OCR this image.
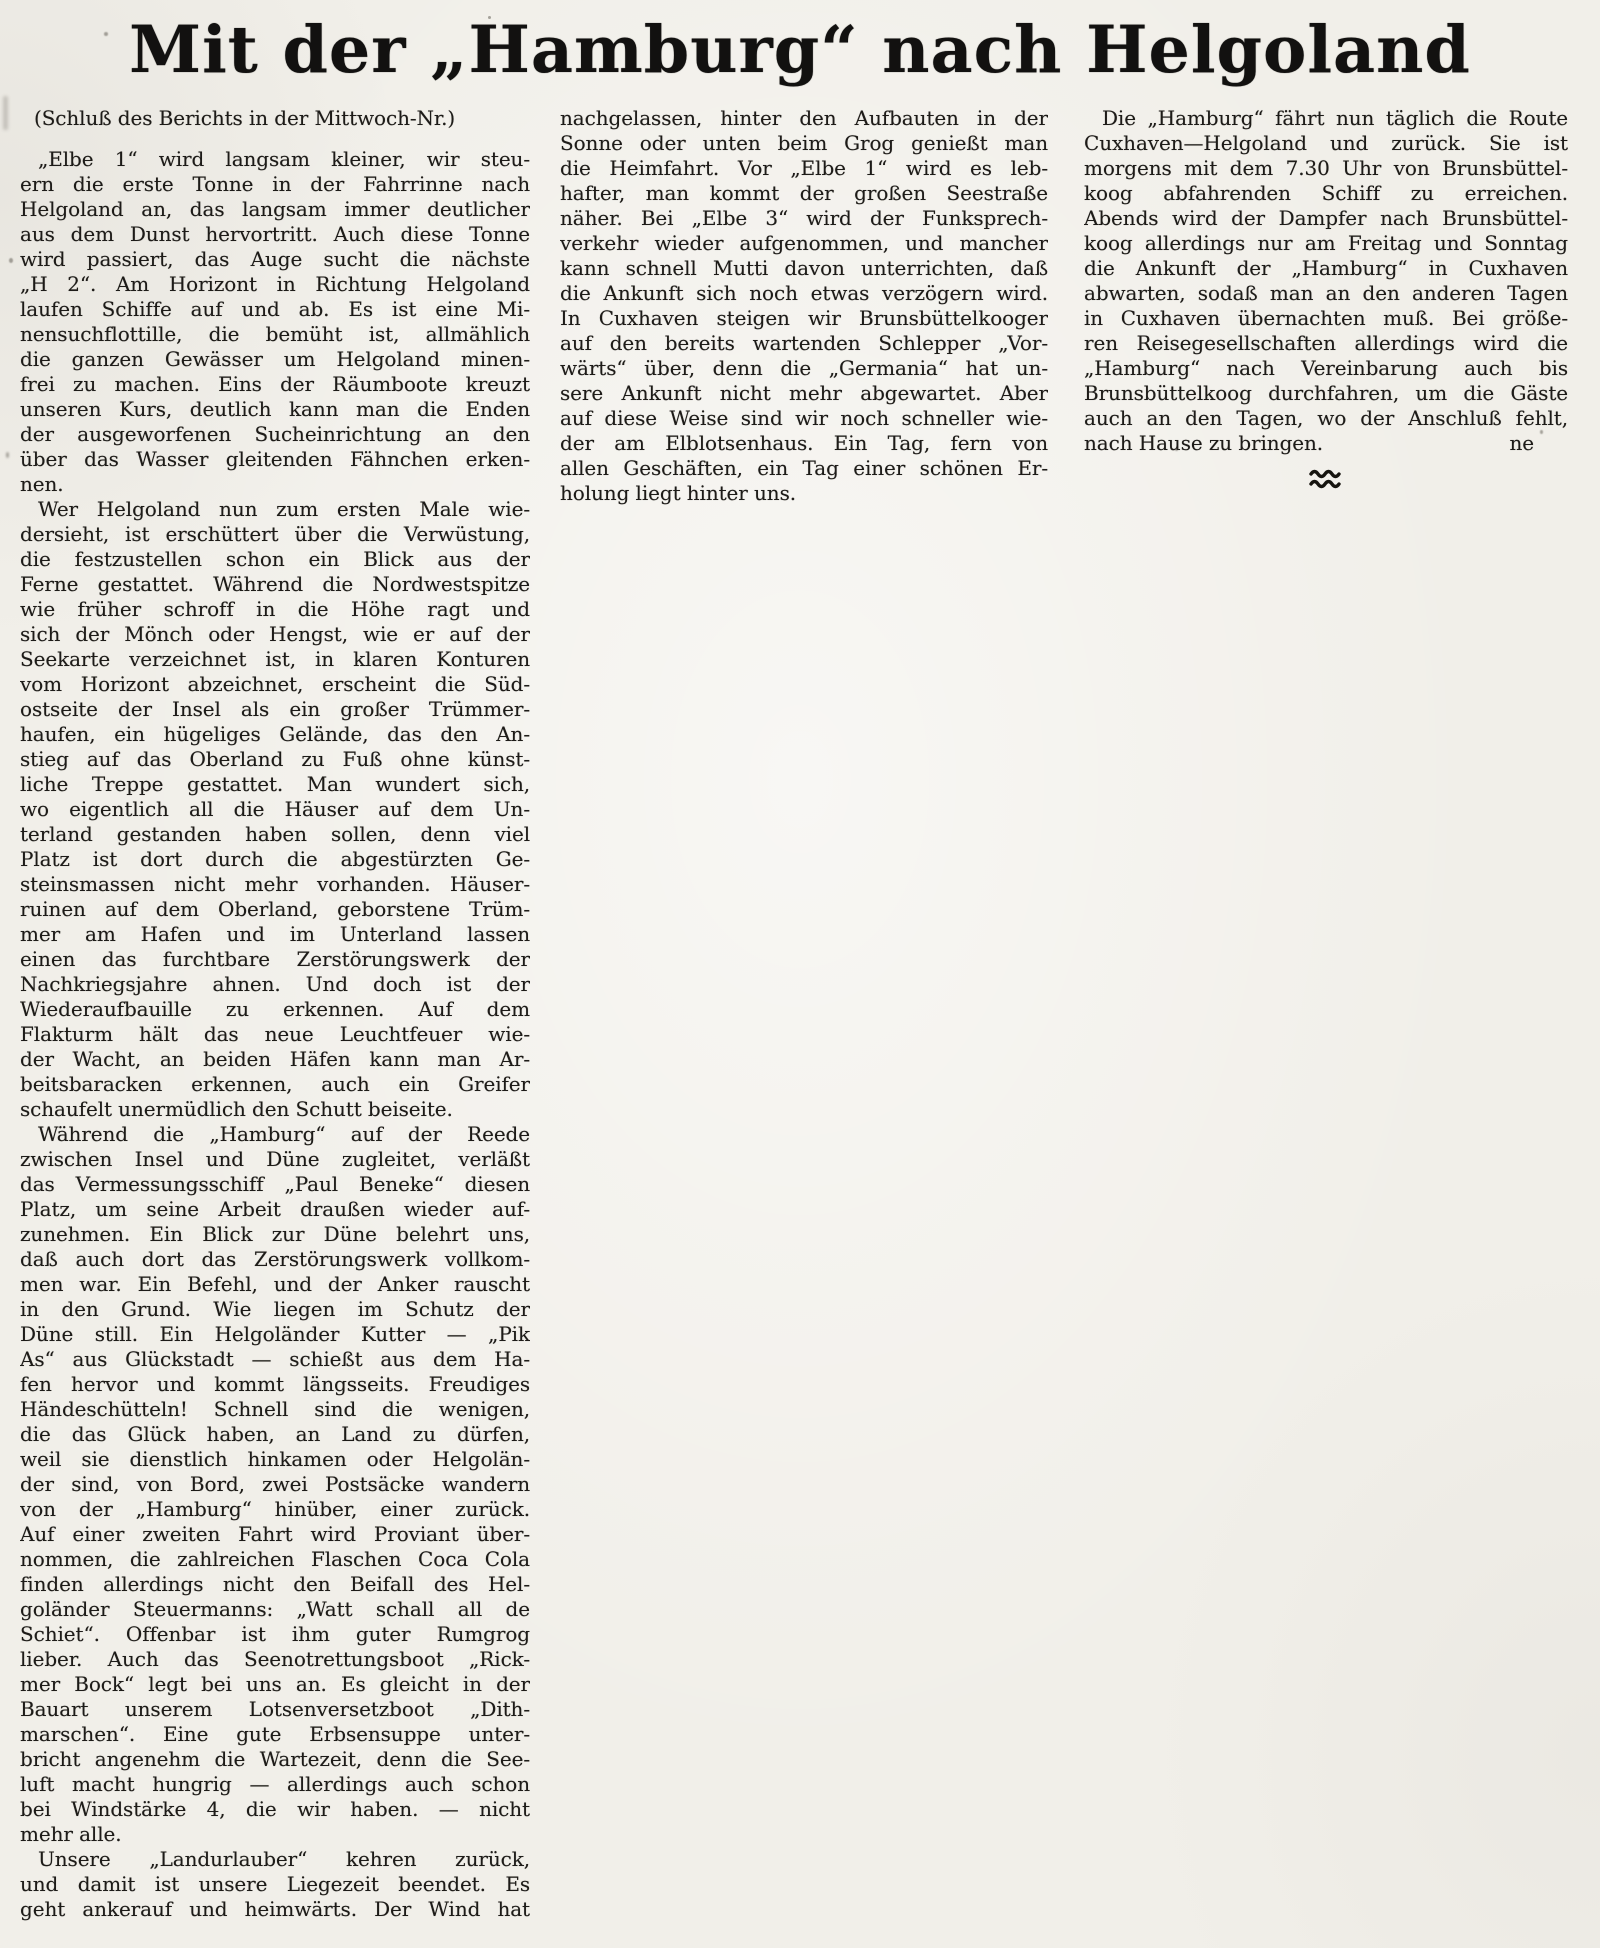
Mit der „Hamburg“ nach Helgoland
(Schluß des Berichts in der Mittwoch-Nr.)
„Elbe 1“ wird langsam kleiner, wir steu-
ern die erste Tonne in der Fahrrinne nach
Helgoland an, das langsam immer deutlicher
aus dem Dunst hervortritt. Auch diese Tonne
wird passiert, das Auge sucht die nächste
„H 2“. Am Horizont in Richtung Helgoland
laufen Schiffe auf und ab. Es ist eine Mi-
nensuchflottille, die bemüht ist, allmählich
die ganzen Gewässer um Helgoland minen-
frei zu machen. Eins der Räumboote kreuzt
unseren Kurs, deutlich kann man die Enden
der ausgeworfenen Sucheinrichtung an den
über das Wasser gleitenden Fähnchen erken-
nen.
Wer Helgoland nun zum ersten Male wie-
dersieht, ist erschüttert über die Verwüstung,
die festzustellen schon ein Blick aus der
Ferne gestattet. Während die Nordwestspitze
wie früher schroff in die Höhe ragt und
sich der Mönch oder Hengst, wie er auf der
Seekarte verzeichnet ist, in klaren Konturen
vom Horizont abzeichnet, erscheint die Süd-
ostseite der Insel als ein großer Trümmer-
haufen, ein hügeliges Gelände, das den An-
stieg auf das Oberland zu Fuß ohne künst-
liche Treppe gestattet. Man wundert sich,
wo eigentlich all die Häuser auf dem Un-
terland gestanden haben sollen, denn viel
Platz ist dort durch die abgestürzten Ge-
steinsmassen nicht mehr vorhanden. Häuser-
ruinen auf dem Oberland, geborstene Trüm-
mer am Hafen und im Unterland lassen
einen das furchtbare Zerstörungswerk der
Nachkriegsjahre ahnen. Und doch ist der
Wiederaufbauille zu erkennen. Auf dem
Flakturm hält das neue Leuchtfeuer wie-
der Wacht, an beiden Häfen kann man Ar-
beitsbaracken erkennen, auch ein Greifer
schaufelt unermüdlich den Schutt beiseite.
Während die „Hamburg“ auf der Reede
zwischen Insel und Düne zugleitet, verläßt
das Vermessungsschiff „Paul Beneke“ diesen
Platz, um seine Arbeit draußen wieder auf-
zunehmen. Ein Blick zur Düne belehrt uns,
daß auch dort das Zerstörungswerk vollkom-
men war. Ein Befehl, und der Anker rauscht
in den Grund. Wie liegen im Schutz der
Düne still. Ein Helgoländer Kutter — „Pik
As“ aus Glückstadt — schießt aus dem Ha-
fen hervor und kommt längsseits. Freudiges
Händeschütteln! Schnell sind die wenigen,
die das Glück haben, an Land zu dürfen,
weil sie dienstlich hinkamen oder Helgolän-
der sind, von Bord, zwei Postsäcke wandern
von der „Hamburg“ hinüber, einer zurück.
Auf einer zweiten Fahrt wird Proviant über-
nommen, die zahlreichen Flaschen Coca Cola
finden allerdings nicht den Beifall des Hel-
goländer Steuermanns: „Watt schall all de
Schiet“. Offenbar ist ihm guter Rumgrog
lieber. Auch das Seenotrettungsboot „Rick-
mer Bock“ legt bei uns an. Es gleicht in der
Bauart unserem Lotsenversetzboot „Dith-
marschen“. Eine gute Erbsensuppe unter-
bricht angenehm die Wartezeit, denn die See-
luft macht hungrig — allerdings auch schon
bei Windstärke 4, die wir haben. — nicht
mehr alle.
Unsere „Landurlauber“ kehren zurück,
und damit ist unsere Liegezeit beendet. Es
geht ankerauf und heimwärts. Der Wind hat
nachgelassen, hinter den Aufbauten in der
Sonne oder unten beim Grog genießt man
die Heimfahrt. Vor „Elbe 1“ wird es leb-
hafter, man kommt der großen Seestraße
näher. Bei „Elbe 3“ wird der Funksprech-
verkehr wieder aufgenommen, und mancher
kann schnell Mutti davon unterrichten, daß
die Ankunft sich noch etwas verzögern wird.
In Cuxhaven steigen wir Brunsbüttelkooger
auf den bereits wartenden Schlepper „Vor-
wärts“ über, denn die „Germania“ hat un-
sere Ankunft nicht mehr abgewartet. Aber
auf diese Weise sind wir noch schneller wie-
der am Elblotsenhaus. Ein Tag, fern von
allen Geschäften, ein Tag einer schönen Er-
holung liegt hinter uns.
Die „Hamburg“ fährt nun täglich die Route
Cuxhaven—Helgoland und zurück. Sie ist
morgens mit dem 7.30 Uhr von Brunsbüttel-
koog abfahrenden Schiff zu erreichen.
Abends wird der Dampfer nach Brunsbüttel-
koog allerdings nur am Freitag und Sonntag
die Ankunft der „Hamburg“ in Cuxhaven
abwarten, sodaß man an den anderen Tagen
in Cuxhaven übernachten muß. Bei größe-
ren Reisegesellschaften allerdings wird die
„Hamburg“ nach Vereinbarung auch bis
Brunsbüttelkoog durchfahren, um die Gäste
auch an den Tagen, wo der Anschluß fehlt,
ne
nach Hause zu bringen.
